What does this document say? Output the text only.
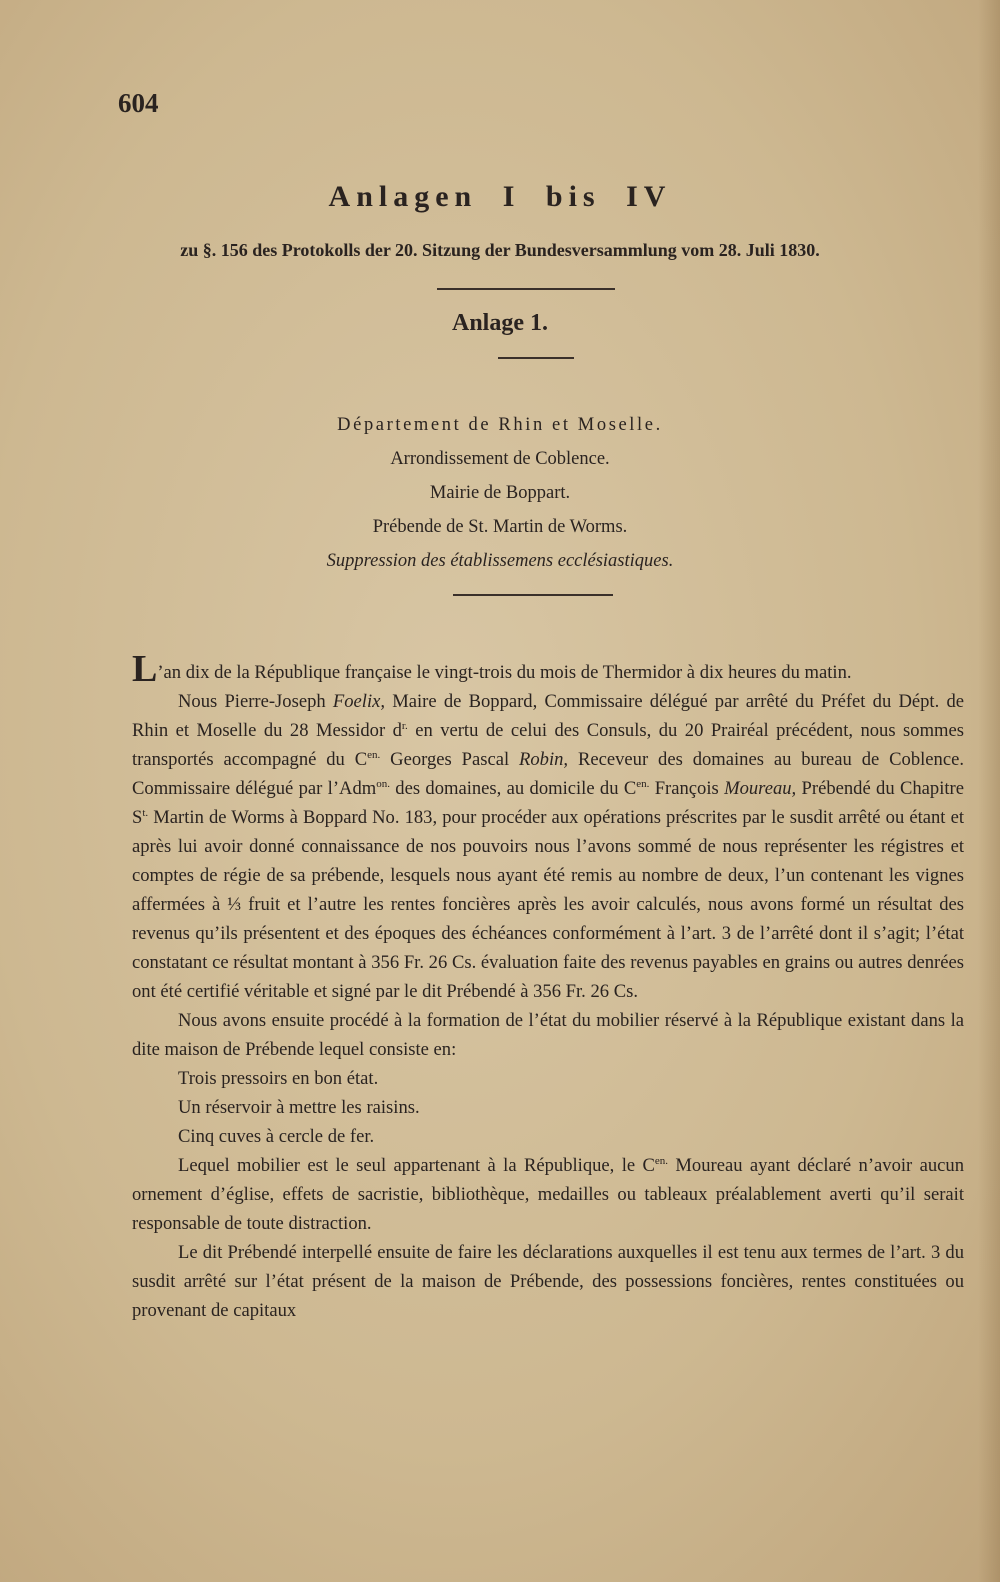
604
Anlagen I bis IV
zu §. 156 des Protokolls der 20. Sitzung der Bundesversammlung vom 28. Juli 1830.
Anlage 1.
Département de Rhin et Moselle.
Arrondissement de Coblence.
Mairie de Boppart.
Prébende de St. Martin de Worms.
Suppression des établissemens ecclésiastiques.

L’an dix de la République française le vingt-trois du mois de Thermidor à dix heures du matin.

Nous Pierre-Joseph Foelix, Maire de Boppard, Commissaire délégué par arrêté du Préfet du Dépt. de Rhin et Moselle du 28 Messidor $d^{r.}$ en vertu de celui des Consuls, du 20 Prairéal précédent, nous sommes transportés accompagné du $C^{en.}$ Georges Pascal Robin, Receveur des domaines au bureau de Coblence. Commissaire délégué par l’Adm$^{on.}$ des domaines, au domicile du $C^{en.}$ François Moureau, Prébendé du Chapitre $S^{t.}$ Martin de Worms à Boppard No. 183, pour procéder aux opérations préscrites par le susdit arrêté ou étant et après lui avoir donné connaissance de nos pouvoirs nous l’avons sommé de nous représenter les régistres et comptes de régie de sa prébende, lesquels nous ayant été remis au nombre de deux, l’un contenant les vignes affermées à ⅓ fruit et l’autre les rentes foncières après les avoir calculés, nous avons formé un résultat des revenus qu’ils présentent et des époques des échéances conformément à l’art. 3 de l’arrêté dont il s’agit; l’état constatant ce résultat montant à 356 Fr. 26 Cs. évaluation faite des revenus payables en grains ou autres denrées ont été certifié véritable et signé par le dit Prébendé à 356 Fr. 26 Cs.

Nous avons ensuite procédé à la formation de l’état du mobilier réservé à la République existant dans la dite maison de Prébende lequel consiste en:

Trois pressoirs en bon état.
Un réservoir à mettre les raisins.
Cinq cuves à cercle de fer.

Lequel mobilier est le seul appartenant à la République, le $C^{en.}$ Moureau ayant déclaré n’avoir aucun ornement d’église, effets de sacristie, bibliothèque, medailles ou tableaux préalablement averti qu’il serait responsable de toute distraction.

Le dit Prébendé interpellé ensuite de faire les déclarations auxquelles il est tenu aux termes de l’art. 3 du susdit arrêté sur l’état présent de la maison de Prébende, des possessions foncières, rentes constituées ou provenant de capitaux
